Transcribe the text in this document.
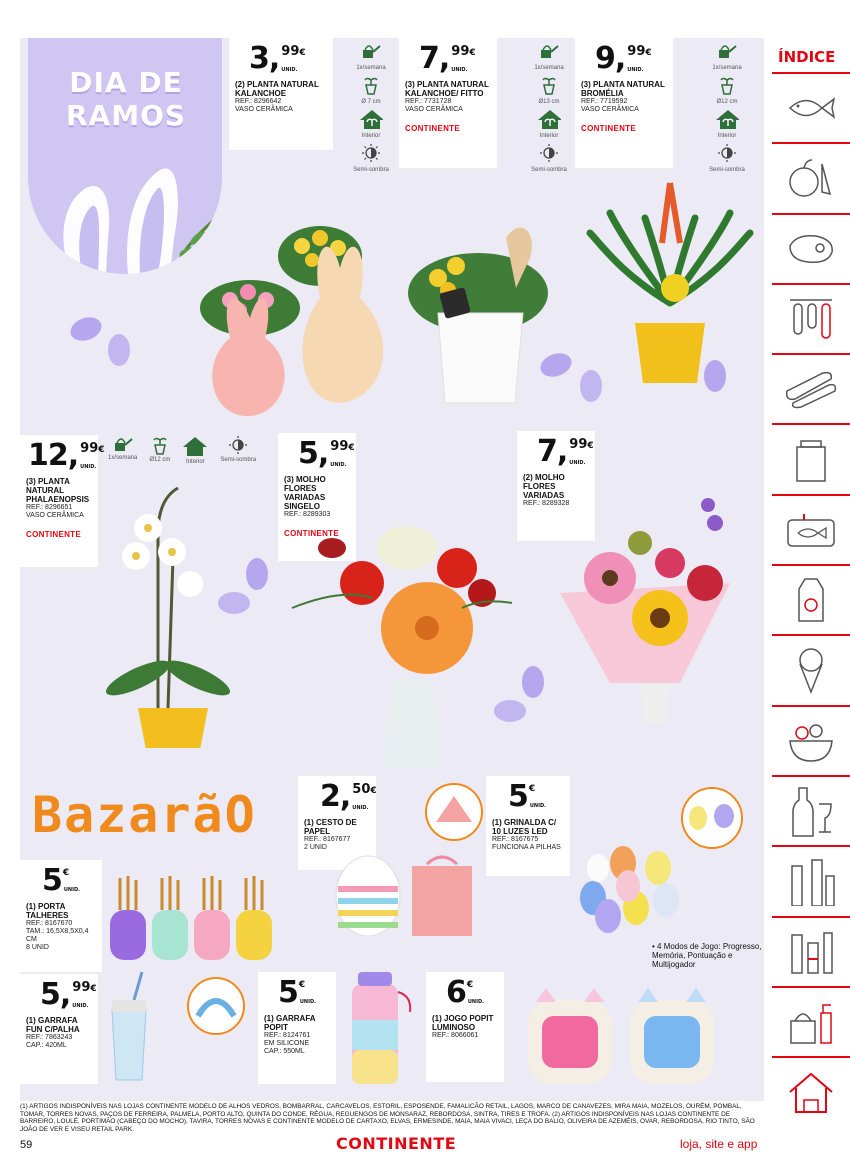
DIA DE
RAMOS
3 , 99€
UNID.
(2) PLANTA NATURAL KALANCHOE
REF.: 8296642
VASO CERÂMICA
1x/semana
Ø 7 cm
Interior
Semi-sombra
7 , 99€
UNID.
(3) PLANTA NATURAL KALANCHOE/ FITTO
REF.: 7731728
VASO CERÂMICA
CONTINENTE
1x/semana
Ø13 cm
Interior
Semi-sombra
9 , 99€
UNID.
(3) PLANTA NATURAL BROMÉLIA
REF.: 7719592
VASO CERÂMICA
CONTINENTE
1x/semana
Ø12 cm
Interior
Semi-sombra
12 , 99€
UNID.
(3) PLANTA NATURAL PHALAENOPSIS
REF.: 8296651
VASO CERÂMICA
CONTINENTE
1x/semana Ø12 cm	Interior	Semi-sombra 5 , 99€
UNID.
(3) MOLHO FLORES VARIADAS SINGELO
REF.: 8289303
CONTINENTE
7 , 99€
UNID.
(2) MOLHO FLORES VARIADAS
REF.: 8289328
BazarãO	2 , 50€
UNID.
(1) CESTO DE PAPEL
REF.: 8167677
2 UNID
5 €
UNID.
(1) GRINALDA C/ 10 LUZES LED
REF.: 8167675
FUNCIONA A PILHAS
5 €
UNID.
(1) PORTA TALHERES
REF.: 8167670
TAM.: 16,5X8,5X0,4 CM
8 UNID
5 , 99€
UNID.
(1) GARRAFA FUN C/PALHA
REF.: 7863243
CAP.: 420ML
5 €
UNID.
(1) GARRAFA POPIT
REF.: 8124761
EM SILICONE
CAP.: 550ML
6 €
UNID.
(1) JOGO POPIT LUMINOSO
REF.: 8066061
• 4 Modos de Jogo: Progresso, Memória, Pontuação e Multijogador
ÍNDICE
(1) ARTIGOS INDISPONÍVEIS NAS LOJAS CONTINENTE MODELO DE ALHOS VEDROS, BOMBARRAL, CARCAVELOS, ESTORIL, ESPOSENDE, FAMALICÃO RETAIL, LAGOS, MARCO DE CANAVEZES, MIRA MAIA, MOZELOS, OURÉM, POMBAL, TOMAR, TORRES NOVAS, PAÇOS DE FERREIRA, PALMELA, PORTO ALTO, QUINTA DO CONDE, RÉGUA, REGUENGOS DE MONSARAZ, REBORDOSA, SINTRA, TIRES E TROFA. (2) ARTIGOS INDISPONÍVEIS NAS LOJAS CONTINENTE DE BARREIRO, LOULÉ, PORTIMÃO (CABEÇO DO MOCHO), TAVIRA, TORRES NOVAS E CONTINENTE MODELO DE CARTAXO, ELVAS, ERMESINDE, MAIA, MAIA VIVACI, LEÇA DO BALIO, OLIVEIRA DE AZEMÉIS, OVAR, REBORDOSA, RIO TINTO, SÃO JOÃO DE VER E VISEU RETAIL PARK.
59	CONTINENTE	loja, site e app
